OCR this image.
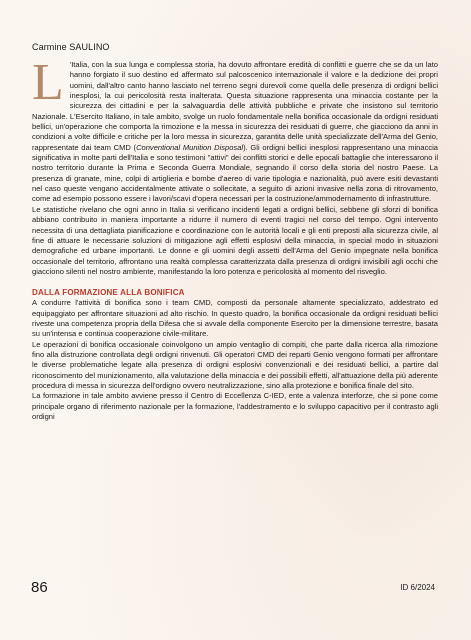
Carmine SAULINO

L 'Italia, con la sua lunga e complessa storia, ha dovuto affrontare eredità di conflitti e guerre che se da un lato hanno forgiato il suo destino ed affermato sul palcoscenico internazionale il valore e la dedizione dei propri uomini, dall'altro canto hanno lasciato nel terreno segni durevoli come quella delle presenza di ordigni bellici inesplosi, la cui pericolosità resta inalterata. Questa situazione rappresenta una minaccia costante per la sicurezza dei cittadini e per la salvaguardia delle attività pubbliche e private che insistono sul territorio Nazionale. L'Esercito Italiano, in tale ambito, svolge un ruolo fondamentale nella bonifica occasionale da ordigni residuati bellici, un'operazione che comporta la rimozione e la messa in sicurezza dei residuati di guerre, che giacciono da anni in condizioni a volte difficile e critiche per la loro messa in sicurezza, garantita delle unità specializzate dell'Arma del Genio, rappresentate dai team CMD (Conventional Munition Disposal). Gli ordigni bellici inesplosi rappresentano una minaccia significativa in molte parti dell'Italia e sono testimoni "attivi" dei conflitti storici e delle epocali battaglie che interessarono il nostro territorio durante la Prima e Seconda Guerra Mondiale, segnando il corso della storia del nostro Paese. La presenza di granate, mine, colpi di artiglieria e bombe d'aereo di varie tipologia e nazionalità, può avere esiti devastanti nel caso queste vengano accidentalmente attivate o sollecitate, a seguito di azioni invasive nella zona di ritrovamento, come ad esempio possono essere i lavori/scavi d'opera necessari per la costruzione/ammodernamento di infrastrutture.

Le statistiche rivelano che ogni anno in Italia si verificano incidenti legati a ordigni bellici, sebbene gli sforzi di bonifica abbiano contribuito in maniera importante a ridurre il numero di eventi tragici nel corso del tempo. Ogni intervento necessita di una dettagliata pianificazione e coordinazione con le autorità locali e gli enti preposti alla sicurezza civile, al fine di attuare le necessarie soluzioni di mitigazione agli effetti esplosivi della minaccia, in special modo in situazioni demografiche ed urbane importanti. Le donne e gli uomini degli assetti dell'Arma del Genio impegnate nella bonifica occasionale del territorio, affrontano una realtà complessa caratterizzata dalla presenza di ordigni invisibili agli occhi che giacciono silenti nel nostro ambiente, manifestando la loro potenza e pericolosità al momento del risveglio.

DALLA FORMAZIONE ALLA BONIFICA

A condurre l'attività di bonifica sono i team CMD, composti da personale altamente specializzato, addestrato ed equipaggiato per affrontare situazioni ad alto rischio. In questo quadro, la bonifica occasionale da ordigni residuati bellici riveste una competenza propria della Difesa che si avvale della componente Esercito per la dimensione terrestre, basata su un'intensa e continua cooperazione civile-militare.

Le operazioni di bonifica occasionale coinvolgono un ampio ventaglio di compiti, che parte dalla ricerca alla rimozione fino alla distruzione controllata degli ordigni rinvenuti. Gli operatori CMD dei reparti Genio vengono formati per affrontare le diverse problematiche legate alla presenza di ordigni esplosivi convenzionali e dei residuati bellici, a partire dal riconoscimento del munizionamento, alla valutazione della minaccia e dei possibili effetti, all'attuazione della più aderente procedura di messa in sicurezza dell'ordigno ovvero neutralizzazione, sino alla protezione e bonifica finale del sito.

La formazione in tale ambito avviene presso il Centro di Eccellenza C-IED, ente a valenza interforze, che si pone come principale organo di riferimento nazionale per la formazione, l'addestramento e lo sviluppo capacitivo per il contrasto agli ordigni

86	ID 6/2024
